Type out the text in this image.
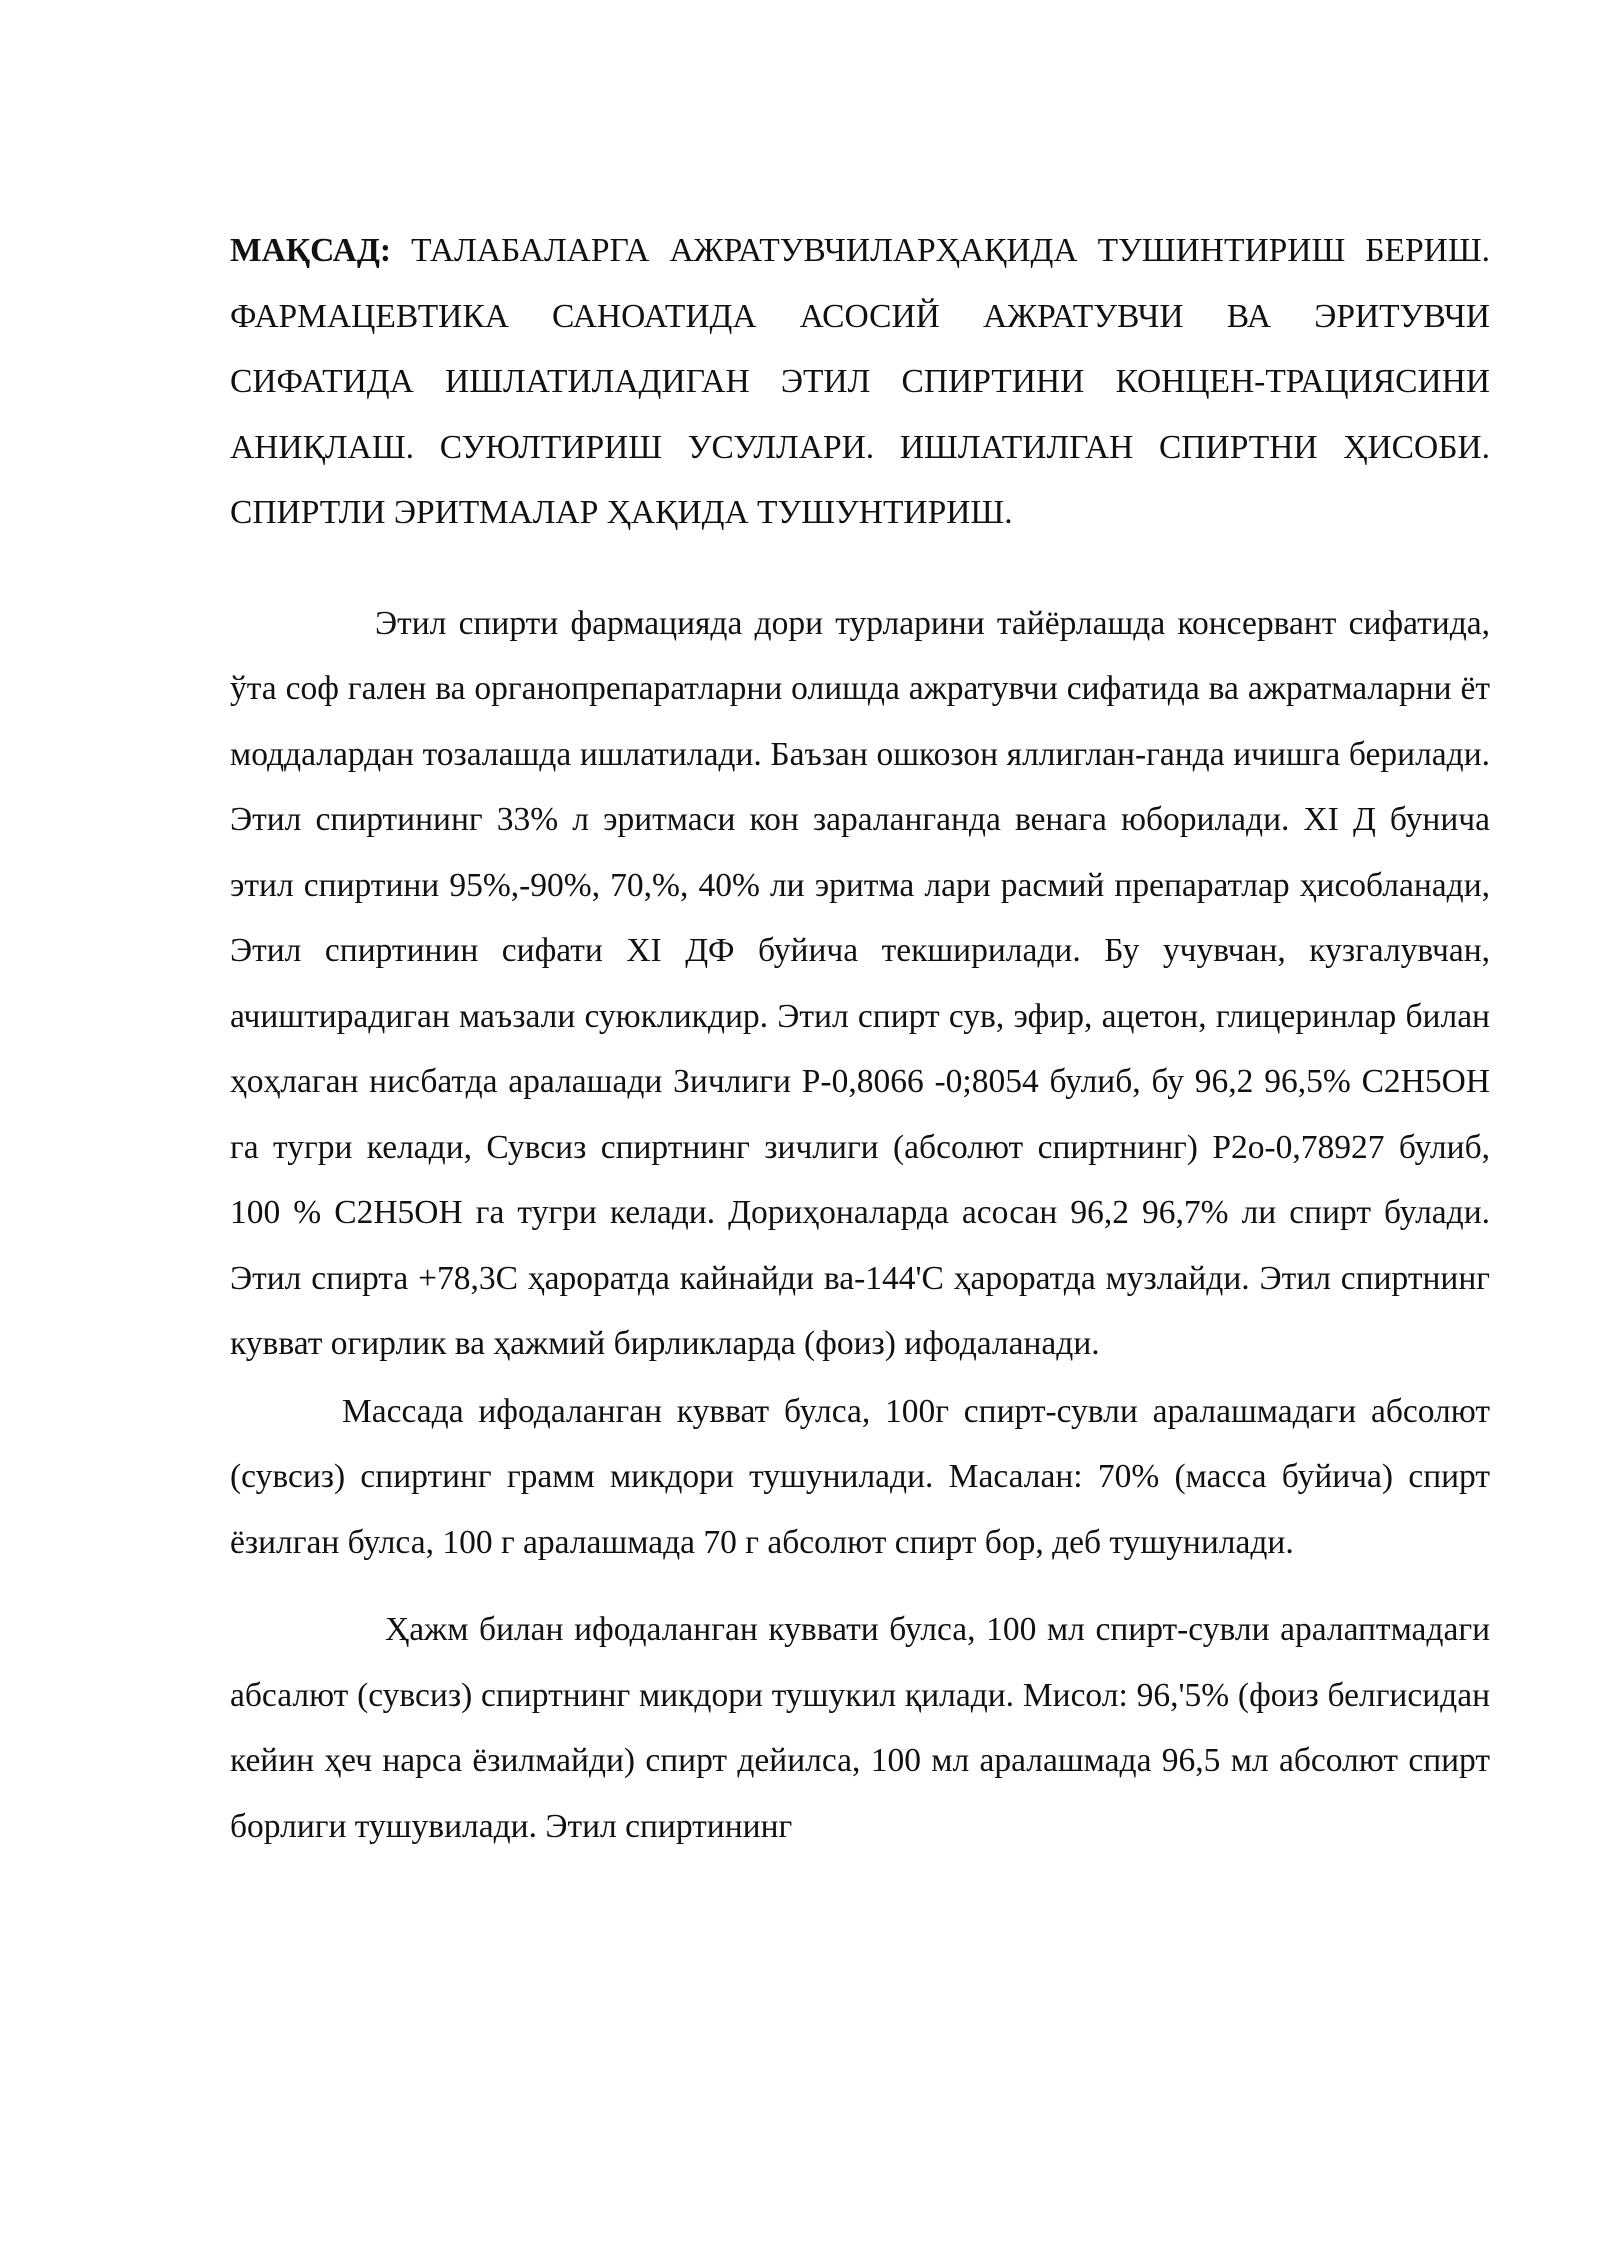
МАҚСАД: ТАЛАБАЛАРГА АЖРАТУВЧИЛАРҲАҚИДА ТУШИНТИРИШ БЕРИШ. ФАРМАЦЕВТИКА САНОАТИДА АСОСИЙ АЖРАТУВЧИ ВА ЭРИТУВЧИ СИФАТИДА ИШЛАТИЛАДИГАН ЭТИЛ СПИРТИНИ КОНЦЕН-ТРАЦИЯСИНИ АНИҚЛАШ. СУЮЛТИРИШ УСУЛЛАРИ. ИШЛАТИЛГАН СПИРТНИ ҲИСОБИ. СПИРТЛИ ЭРИТМАЛАР ҲАҚИДА ТУШУНТИРИШ.

Этил спирти фармацияда дори турларини тайёрлашда консервант сифатида, ўта соф гален ва органопрепаратларни олишда ажратувчи сифатида ва ажратмаларни ёт моддалардан тозалашда ишлатилади. Баъзан ошкозон яллиглан-ганда ичишга берилади. Этил спиртининг 33% л эритмаси кон зараланганда венага юборилади. XI Д бунича этил спиртини 95%,-90%, 70,%, 40% ли эритма лари расмий препаратлар ҳисобланади, Этил спиртинин сифати XI ДФ буйича текширилади. Бу учувчан, кузгалувчан, ачиштирадиган маъзали суюкликдир. Этил спирт сув, эфир, ацетон, глицеринлар билан ҳоҳлаган нисбатда аралашади Зичлиги Р-0,8066 -0;8054 булиб, бу 96,2 96,5% С2Н5ОН га тугри келади, Сувсиз спиртнинг зичлиги (абсолют спиртнинг) Р2о-0,78927 булиб, 100 % С2Н5ОН га тугри келади. Дориҳоналарда асосан 96,2 96,7% ли спирт булади. Этил спирта +78,3С ҳароратда кайнайди ва-144'С ҳароратда музлайди. Этил спиртнинг кувват огирлик ва ҳажмий бирликларда (фоиз) ифодаланади.

Массада ифодаланган кувват булса, 100г спирт-сувли аралашмадаги абсолют (сувсиз) спиртинг грамм микдори тушунилади. Масалан: 70% (масса буйича) спирт ёзилган булса, 100 г аралашмада 70 г абсолют спирт бор, деб тушунилади.

Ҳажм билан ифодаланган куввати булса, 100 мл спирт-сувли аралаптмадаги абсалют (сувсиз) спиртнинг микдори тушукил қилади. Мисол: 96,'5% (фоиз белгисидан кейин ҳеч нарса ёзилмайди) спирт дейилса, 100 мл аралашмада 96,5 мл абсолют спирт борлиги тушувилади. Этил спиртининг
